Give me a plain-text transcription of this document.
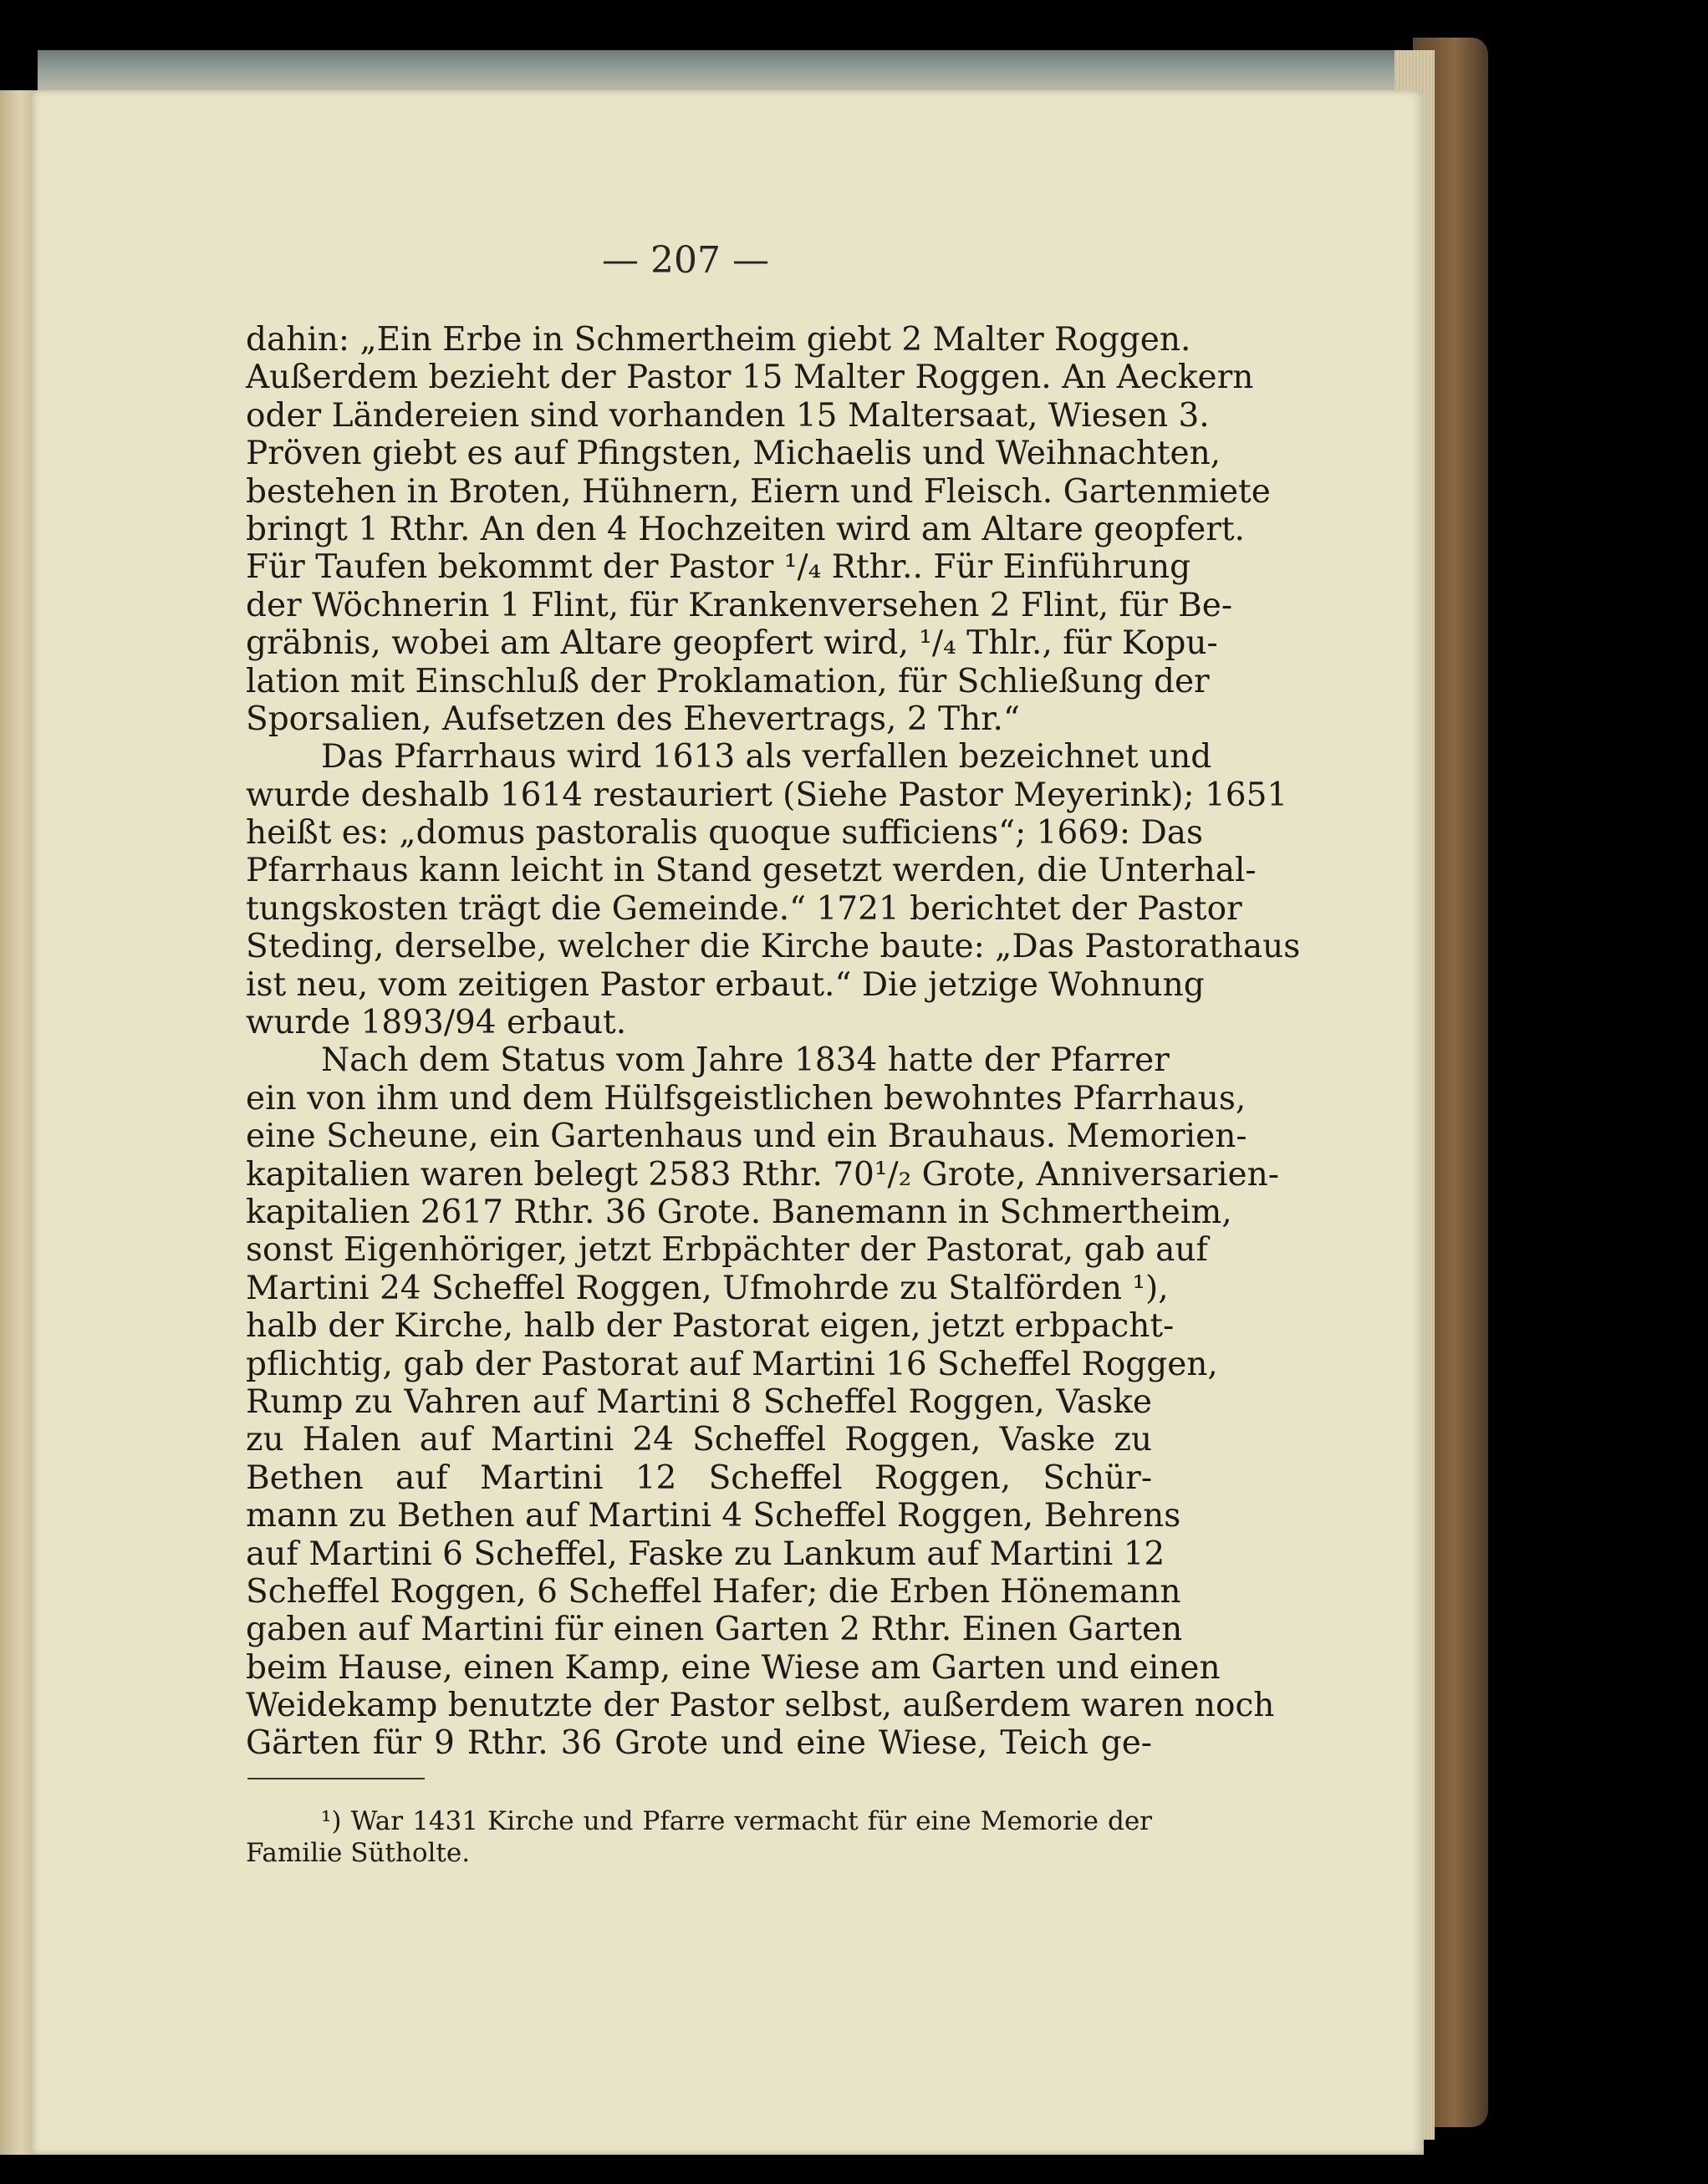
— 207 —
dahin: „Ein Erbe in Schmertheim giebt 2 Malter Roggen.
Außerdem bezieht der Pastor 15 Malter Roggen. An Aeckern
oder Ländereien sind vorhanden 15 Maltersaat, Wiesen 3.
Pröven giebt es auf Pfingsten, Michaelis und Weihnachten,
bestehen in Broten, Hühnern, Eiern und Fleisch. Gartenmiete
bringt 1 Rthr. An den 4 Hochzeiten wird am Altare geopfert.
Für Taufen bekommt der Pastor ¹/₄ Rthr.. Für Einführung
der Wöchnerin 1 Flint, für Krankenversehen 2 Flint, für Be-
gräbnis, wobei am Altare geopfert wird, ¹/₄ Thlr., für Kopu-
lation mit Einschluß der Proklamation, für Schließung der
Sporsalien, Aufsetzen des Ehevertrags, 2 Thr.“
Das Pfarrhaus wird 1613 als verfallen bezeichnet und
wurde deshalb 1614 restauriert (Siehe Pastor Meyerink); 1651
heißt es: „domus pastoralis quoque sufficiens“; 1669: Das
Pfarrhaus kann leicht in Stand gesetzt werden, die Unterhal-
tungskosten trägt die Gemeinde.“ 1721 berichtet der Pastor
Steding, derselbe, welcher die Kirche baute: „Das Pastorathaus
ist neu, vom zeitigen Pastor erbaut.“ Die jetzige Wohnung
wurde 1893/94 erbaut.
Nach dem Status vom Jahre 1834 hatte der Pfarrer
ein von ihm und dem Hülfsgeistlichen bewohntes Pfarrhaus,
eine Scheune, ein Gartenhaus und ein Brauhaus. Memorien-
kapitalien waren belegt 2583 Rthr. 70¹/₂ Grote, Anniversarien-
kapitalien 2617 Rthr. 36 Grote. Banemann in Schmertheim,
sonst Eigenhöriger, jetzt Erbpächter der Pastorat, gab auf
Martini 24 Scheffel Roggen, Ufmohrde zu Stalförden ¹),
halb der Kirche, halb der Pastorat eigen, jetzt erbpacht-
pflichtig, gab der Pastorat auf Martini 16 Scheffel Roggen,
Rump zu Vahren auf Martini 8 Scheffel Roggen, Vaske
zu Halen auf Martini 24 Scheffel Roggen, Vaske zu
Bethen auf Martini 12 Scheffel Roggen, Schür-
mann zu Bethen auf Martini 4 Scheffel Roggen, Behrens
auf Martini 6 Scheffel, Faske zu Lankum auf Martini 12
Scheffel Roggen, 6 Scheffel Hafer; die Erben Hönemann
gaben auf Martini für einen Garten 2 Rthr. Einen Garten
beim Hause, einen Kamp, eine Wiese am Garten und einen
Weidekamp benutzte der Pastor selbst, außerdem waren noch
Gärten für 9 Rthr. 36 Grote und eine Wiese, Teich ge-
¹) War 1431 Kirche und Pfarre vermacht für eine Memorie der
Familie Sütholte.
